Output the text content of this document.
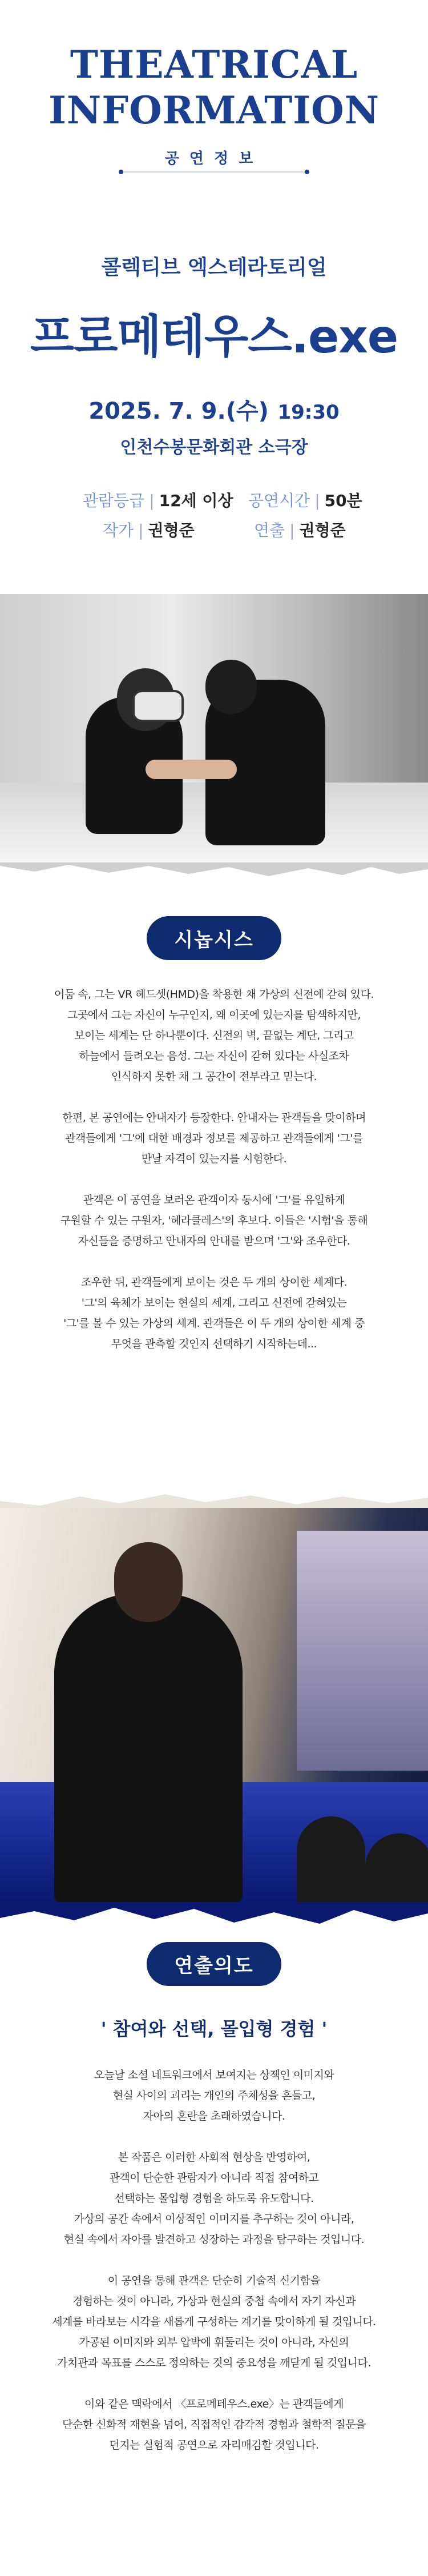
THEATRICAL
INFORMATION
공연정보
콜렉티브 엑스테라토리얼
프로메테우스.exe
2025. 7. 9.(수) 19:30
인천수봉문화회관 소극장
관람등급 | 12세 이상 공연시간 | 50분
작가 | 권형준	연출 | 권형준
시놉시스

어둠 속, 그는 VR 헤드셋(HMD)을 착용한 채 가상의 신전에 갇혀 있다.
그곳에서 그는 자신이 누구인지, 왜 이곳에 있는지를 탐색하지만,
보이는 세계는 단 하나뿐이다. 신전의 벽, 끝없는 계단, 그리고
하늘에서 들려오는 음성. 그는 자신이 갇혀 있다는 사실조차
인식하지 못한 채 그 공간이 전부라고 믿는다.

한편, 본 공연에는 안내자가 등장한다. 안내자는 관객들을 맞이하며
관객들에게 '그'에 대한 배경과 정보를 제공하고 관객들에게 '그'를
만날 자격이 있는지를 시험한다.

관객은 이 공연을 보러온 관객이자 동시에 '그'를 유일하게
구원할 수 있는 구원자, '헤라클레스'의 후보다. 이들은 '시험'을 통해
자신들을 증명하고 안내자의 안내를 받으며 '그'와 조우한다.

조우한 뒤, 관객들에게 보이는 것은 두 개의 상이한 세계다.
'그'의 육체가 보이는 현실의 세계, 그리고 신전에 갇혀있는
'그'를 볼 수 있는 가상의 세계. 관객들은 이 두 개의 상이한 세계 중
무엇을 관측할 것인지 선택하기 시작하는데...

연출의도
' 참여와 선택, 몰입형 경험 '

오늘날 소셜 네트워크에서 보여지는 상젝인 이미지와
현실 사이의 괴리는 개인의 주체성을 흔들고,
자아의 혼란을 초래하였습니다.

본 작품은 이러한 사회적 현상을 반영하여,
관객이 단순한 관람자가 아니라 직접 참여하고
선택하는 몰입형 경험을 하도록 유도합니다.
가상의 공간 속에서 이상적인 이미지를 추구하는 것이 아니라,
현실 속에서 자아를 발견하고 성장하는 과정을 탐구하는 것입니다.

이 공연을 통해 관객은 단순히 기술적 신기함을
경험하는 것이 아니라, 가상과 현실의 중첩 속에서 자기 자신과
세계를 바라보는 시각을 새롭게 구성하는 계기를 맞이하게 될 것입니다.
가공된 이미지와 외부 압박에 휘둘리는 것이 아니라, 자신의
가치관과 목표를 스스로 정의하는 것의 중요성을 깨닫게 될 것입니다.

이와 같은 맥락에서 〈프로메테우스.exe〉는 관객들에게
단순한 신화적 재현을 넘어, 직접적인 감각적 경험과 철학적 질문을
던지는 실험적 공연으로 자리매김할 것입니다.
